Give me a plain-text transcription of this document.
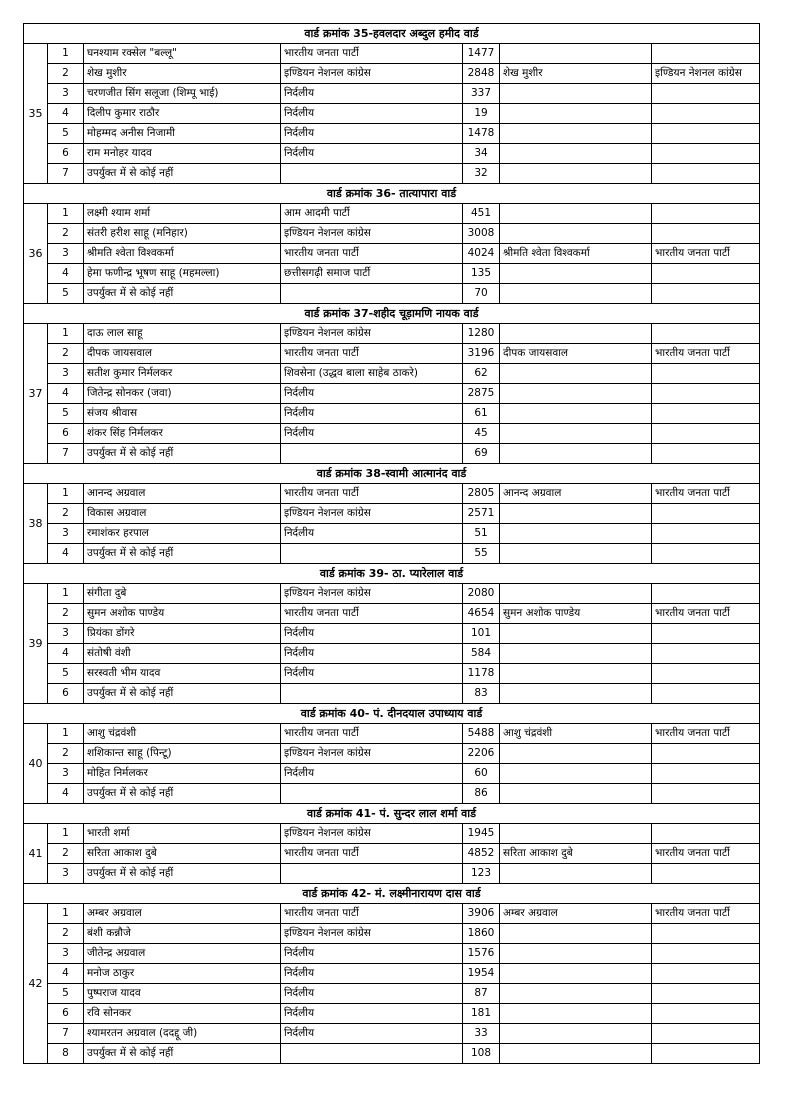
वार्ड क्रमांक 35-हवलदार अब्दुल हमीद वार्ड						
35	1	घनश्याम रक्सेल "बल्लू"	भारतीय जनता पार्टी	1477		
	2	शेख मुशीर	इण्डियन नेशनल कांग्रेस	2848	शेख मुशीर	इण्डियन नेशनल कांग्रेस
	3	चरणजीत सिंग सलूजा (शिम्पू भाई)	निर्दलीय	337		
	4	दिलीप कुमार राठौर	निर्दलीय	19		
	5	मोहम्मद अनीस निजामी	निर्दलीय	1478		
	6	राम मनोहर यादव	निर्दलीय	34		
	7	उपर्युक्त में से कोई नहीं		32		
वार्ड क्रमांक 36- तात्यापारा वार्ड						
36	1	लक्ष्मी श्याम शर्मा	आम आदमी पार्टी	451		
	2	संतरी हरीश साहू (मनिहार)	इण्डियन नेशनल कांग्रेस	3008		
	3	श्रीमति श्वेता विश्वकर्मा	भारतीय जनता पार्टी	4024	श्रीमति श्वेता विश्वकर्मा	भारतीय जनता पार्टी
	4	हेमा फणीन्द्र भूषण साहू (महमल्ला)	छत्तीसगढ़ी समाज पार्टी	135		
	5	उपर्युक्त में से कोई नहीं		70		
वार्ड क्रमांक 37-शहीद चूड़ामणि नायक वार्ड						
37	1	दाऊ लाल साहू	इण्डियन नेशनल कांग्रेस	1280		
	2	दीपक जायसवाल	भारतीय जनता पार्टी	3196	दीपक जायसवाल	भारतीय जनता पार्टी
	3	सतीश कुमार निर्मलकर	शिवसेना (उद्धव बाला साहेब ठाकरे)	62		
	4	जितेन्द्र सोनकर (जवा)	निर्दलीय	2875		
	5	संजय श्रीवास	निर्दलीय	61		
	6	शंकर सिंह निर्मलकर	निर्दलीय	45		
	7	उपर्युक्त में से कोई नहीं		69		
वार्ड क्रमांक 38-स्वामी आत्मानंद वार्ड						
38	1	आनन्द अग्रवाल	भारतीय जनता पार्टी	2805	आनन्द अग्रवाल	भारतीय जनता पार्टी
	2	विकास अग्रवाल	इण्डियन नेशनल कांग्रेस	2571		
	3	रमाशंकर हरपाल	निर्दलीय	51		
	4	उपर्युक्त में से कोई नहीं		55		
वार्ड क्रमांक 39- ठा. प्यारेलाल वार्ड						
39	1	संगीता दुबे	इण्डियन नेशनल कांग्रेस	2080		
	2	सुमन अशोक पाण्डेय	भारतीय जनता पार्टी	4654	सुमन अशोक पाण्डेय	भारतीय जनता पार्टी
	3	प्रियंका डोंगरे	निर्दलीय	101		
	4	संतोषी वंशी	निर्दलीय	584		
	5	सरस्वती भीम यादव	निर्दलीय	1178		
	6	उपर्युक्त में से कोई नहीं		83		
वार्ड क्रमांक 40- पं. दीनदयाल उपाध्याय वार्ड						
40	1	आशु चंद्रवंशी	भारतीय जनता पार्टी	5488	आशु चंद्रवंशी	भारतीय जनता पार्टी
	2	शशिकान्त साहू (पिन्टू)	इण्डियन नेशनल कांग्रेस	2206		
	3	मोहित निर्मलकर	निर्दलीय	60		
	4	उपर्युक्त में से कोई नहीं		86		
वार्ड क्रमांक 41- पं. सुन्दर लाल शर्मा वार्ड						
41	1	भारती शर्मा	इण्डियन नेशनल कांग्रेस	1945		
	2	सरिता आकाश दुबे	भारतीय जनता पार्टी	4852	सरिता आकाश दुबे	भारतीय जनता पार्टी
	3	उपर्युक्त में से कोई नहीं		123		
वार्ड क्रमांक 42- मं. लक्ष्मीनारायण दास वार्ड						
42	1	अम्बर अग्रवाल	भारतीय जनता पार्टी	3906	अम्बर अग्रवाल	भारतीय जनता पार्टी
	2	बंशी कन्नौजे	इण्डियन नेशनल कांग्रेस	1860		
	3	जीतेन्द्र अग्रवाल	निर्दलीय	1576		
	4	मनोज ठाकुर	निर्दलीय	1954		
	5	पुष्पराज यादव	निर्दलीय	87		
	6	रवि सोनकर	निर्दलीय	181		
	7	श्यामरतन अग्रवाल (ददद्दू जी)	निर्दलीय	33		
	8	उपर्युक्त में से कोई नहीं		108		
